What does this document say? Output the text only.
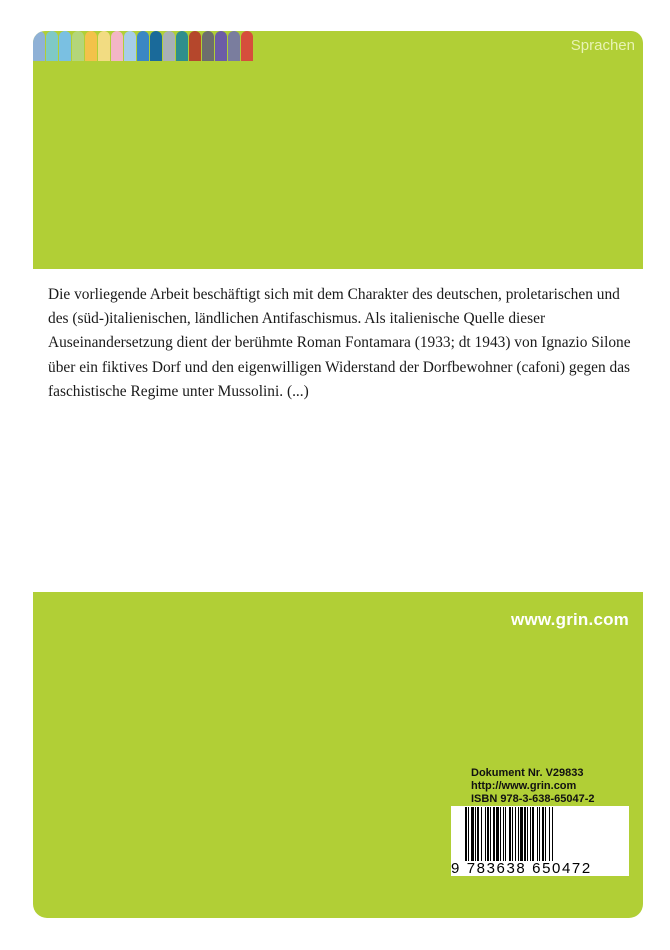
Sprachen

Die vorliegende Arbeit beschäftigt sich mit dem Charakter des deutschen, proletarischen und des (süd-)italienischen, ländlichen Antifaschismus. Als italienische Quelle dieser Auseinandersetzung dient der berühmte Roman Fontamara (1933; dt 1943) von Ignazio Silone über ein fiktives Dorf und den eigenwilligen Widerstand der Dorfbewohner (cafoni) gegen das faschistische Regime unter Mussolini. (...)

www.grin.com
Dokument Nr. V29833
http://www.grin.com
ISBN 978-3-638-65047-2
9 783638 650472
